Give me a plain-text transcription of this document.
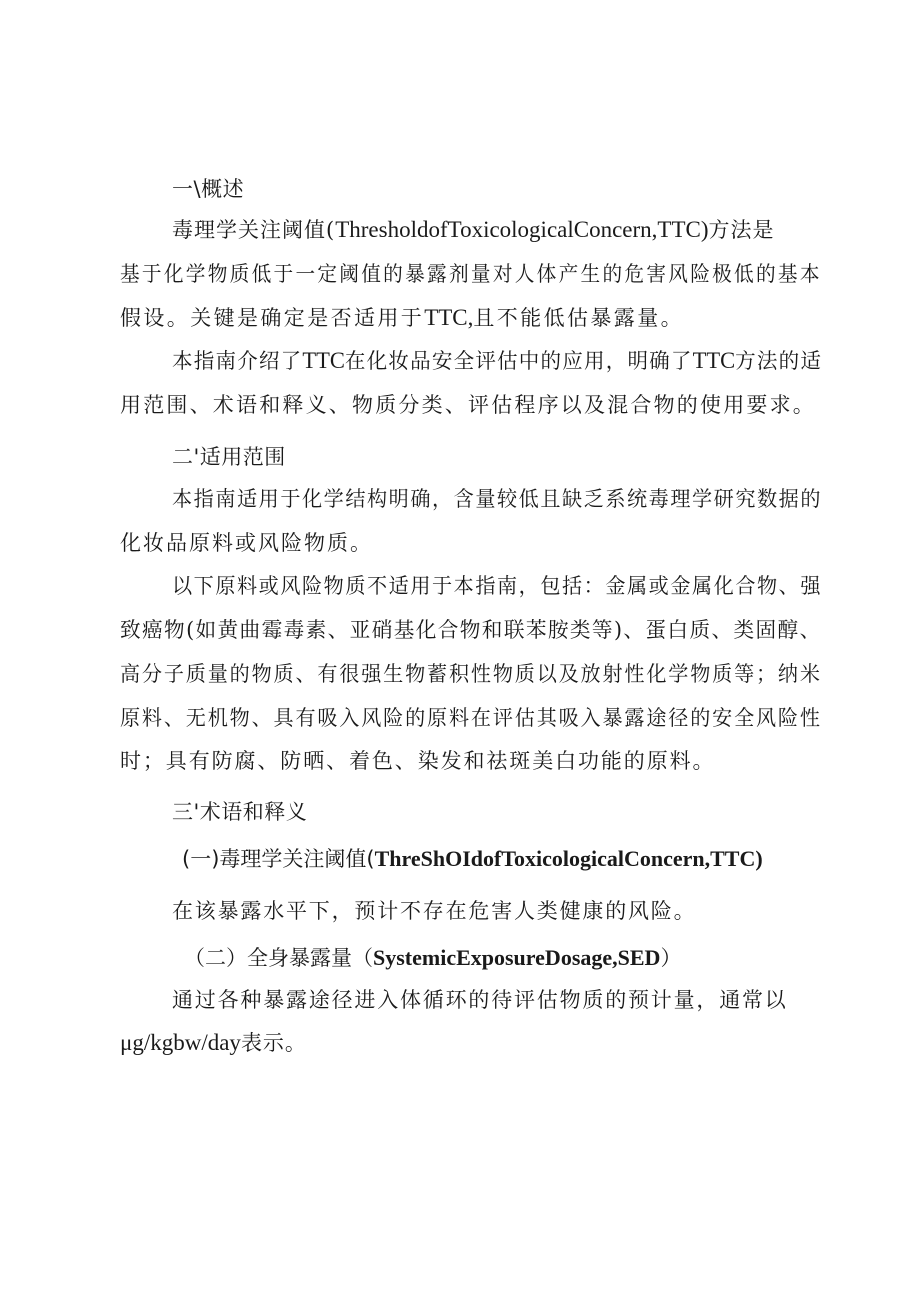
一\概述
毒理学关注阈值(ThresholdofToxicologicalConcern,TTC)方法是
基于化学物质低于一定阈值的暴露剂量对人体产生的危害风险极低的基本
假设。关键是确定是否适用于TTC,且不能低估暴露量。
本指南介绍了TTC在化妆品安全评估中的应用，明确了TTC方法的适
用范围、术语和释义、物质分类、评估程序以及混合物的使用要求。
二'适用范围
本指南适用于化学结构明确，含量较低且缺乏系统毒理学研究数据的
化妆品原料或风险物质。
以下原料或风险物质不适用于本指南，包括：金属或金属化合物、强
致癌物(如黄曲霉毒素、亚硝基化合物和联苯胺类等)、蛋白质、类固醇、
高分子质量的物质、有很强生物蓄积性物质以及放射性化学物质等；纳米
原料、无机物、具有吸入风险的原料在评估其吸入暴露途径的安全风险性
时；具有防腐、防晒、着色、染发和祛斑美白功能的原料。
三'术语和释义
(一)毒理学关注阈值(ThreShOIdofToxicologicalConcern,TTC)
在该暴露水平下，预计不存在危害人类健康的风险。
（二）全身暴露量（SystemicExposureDosage,SED）
通过各种暴露途径进入体循环的待评估物质的预计量，通常以
μg/kgbw/day表示。
